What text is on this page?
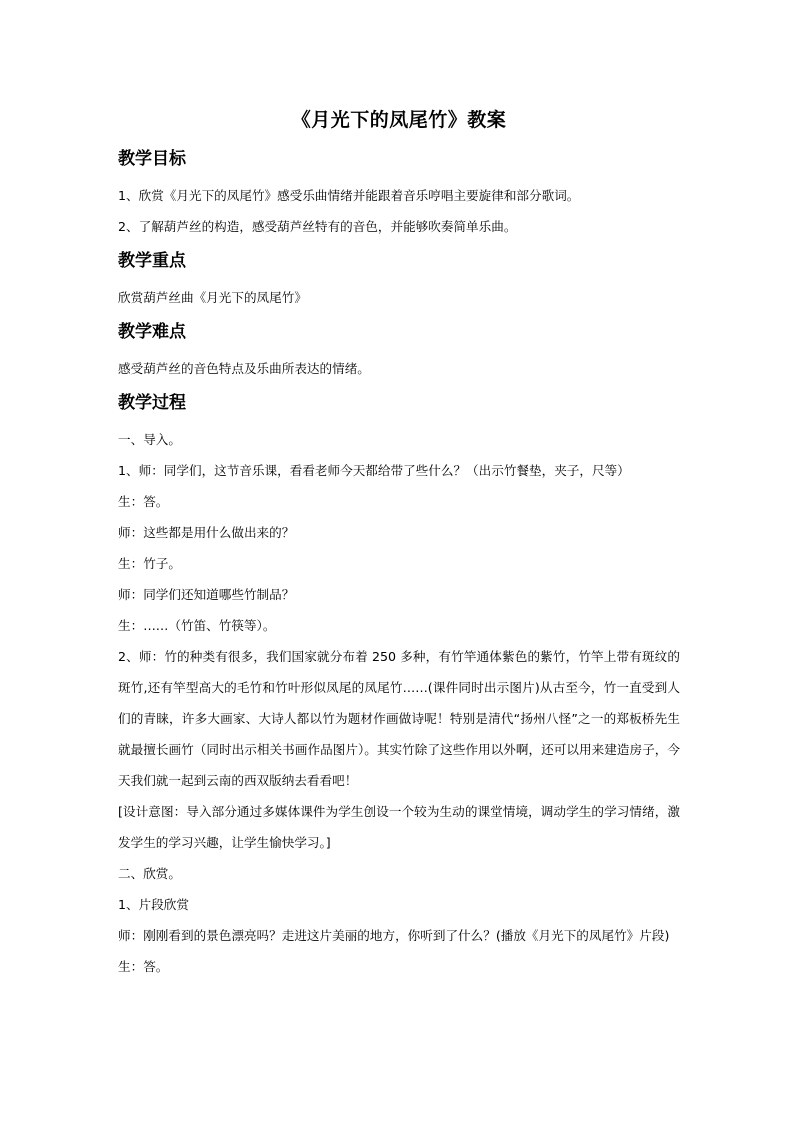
《月光下的凤尾竹》教案
教学目标

1、欣赏《月光下的凤尾竹》感受乐曲情绪并能跟着音乐哼唱主要旋律和部分歌词。

2、了解葫芦丝的构造，感受葫芦丝特有的音色，并能够吹奏简单乐曲。

教学重点

欣赏葫芦丝曲《月光下的凤尾竹》

教学难点

感受葫芦丝的音色特点及乐曲所表达的情绪。

教学过程

一、导入。

1、师：同学们，这节音乐课，看看老师今天都给带了些什么？（出示竹餐垫，夹子，尺等）

生：答。

师：这些都是用什么做出来的？

生：竹子。

师：同学们还知道哪些竹制品？

生：……（竹笛、竹筷等）。

2、师：竹的种类有很多，我们国家就分布着 250 多种，有竹竿通体紫色的紫竹，竹竿上带有斑纹的斑竹,还有竿型高大的毛竹和竹叶形似凤尾的凤尾竹……(课件同时出示图片)从古至今，竹一直受到人们的青睐，许多大画家、大诗人都以竹为题材作画做诗呢！特别是清代“扬州八怪”之一的郑板桥先生就最擅长画竹（同时出示相关书画作品图片）。其实竹除了这些作用以外啊，还可以用来建造房子，今天我们就一起到云南的西双版纳去看看吧！

[设计意图：导入部分通过多媒体课件为学生创设一个较为生动的课堂情境，调动学生的学习情绪，激发学生的学习兴趣，让学生愉快学习。]

二、欣赏。

1、片段欣赏

师：刚刚看到的景色漂亮吗？走进这片美丽的地方，你听到了什么？(播放《月光下的凤尾竹》片段)

生：答。
